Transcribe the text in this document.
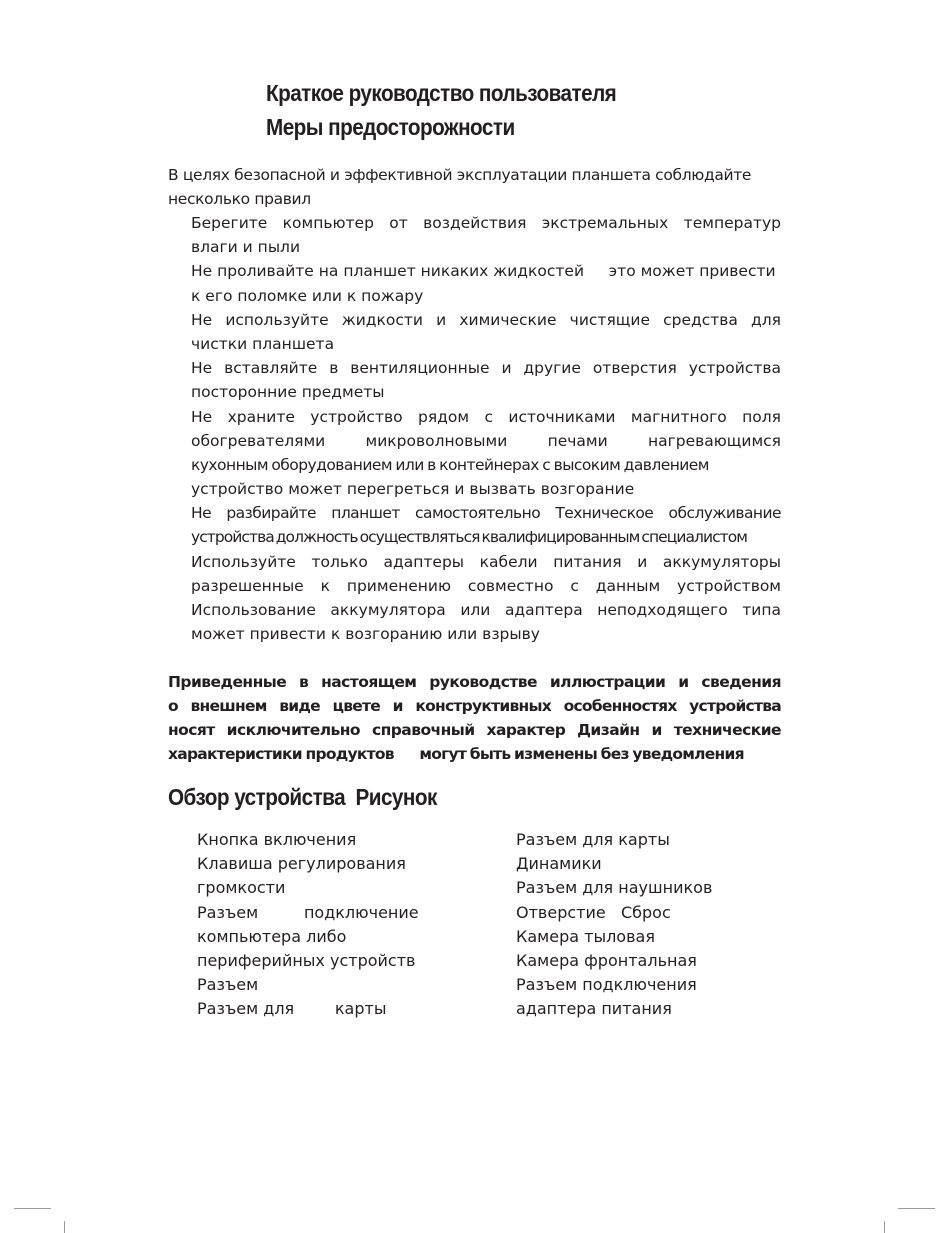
Краткое руководство пользователя
Меры предосторожности
В целях безопасной и эффективной эксплуатации планшета соблюдайте
несколько правил
Берегите компьютер от воздействия экстремальных температур
влаги и пыли
Не проливайте на планшет никаких жидкостей     это может привести
к его поломке или к пожару
Не используйте жидкости и химические чистящие средства для
чистки планшета
Не вставляйте в вентиляционные и другие отверстия устройства
посторонние предметы
Не храните устройство рядом с источниками магнитного поля
обогревателями микроволновыми печами нагревающимся
кухонным оборудованием или в контейнерах с высоким давлением
устройство может перегреться и вызвать возгорание
Не разбирайте планшет самостоятельно Техническое обслуживание
устройства должность осуществляться квалифицированным специалистом
Используйте только адаптеры кабели питания и аккумуляторы
разрешенные к применению совместно с данным устройством
Использование аккумулятора или адаптера неподходящего типа
может привести к возгоранию или взрыву
Приведенные в настоящем руководстве иллюстрации и сведения
о внешнем виде цвете и конструктивных особенностях устройства
носят исключительно справочный характер Дизайн и технические
характеристики продуктов       могут быть изменены без уведомления
Обзор устройства  Рисунок
Кнопка включения
Клавиша регулирования
громкости
Разъем         подключение
компьютера либо
периферийных устройств
Разъем
Разъем для        карты
Разъем для карты
Динамики
Разъем для наушников
Отверстие   Сброс
Камера тыловая
Камера фронтальная
Разъем подключения
адаптера питания
